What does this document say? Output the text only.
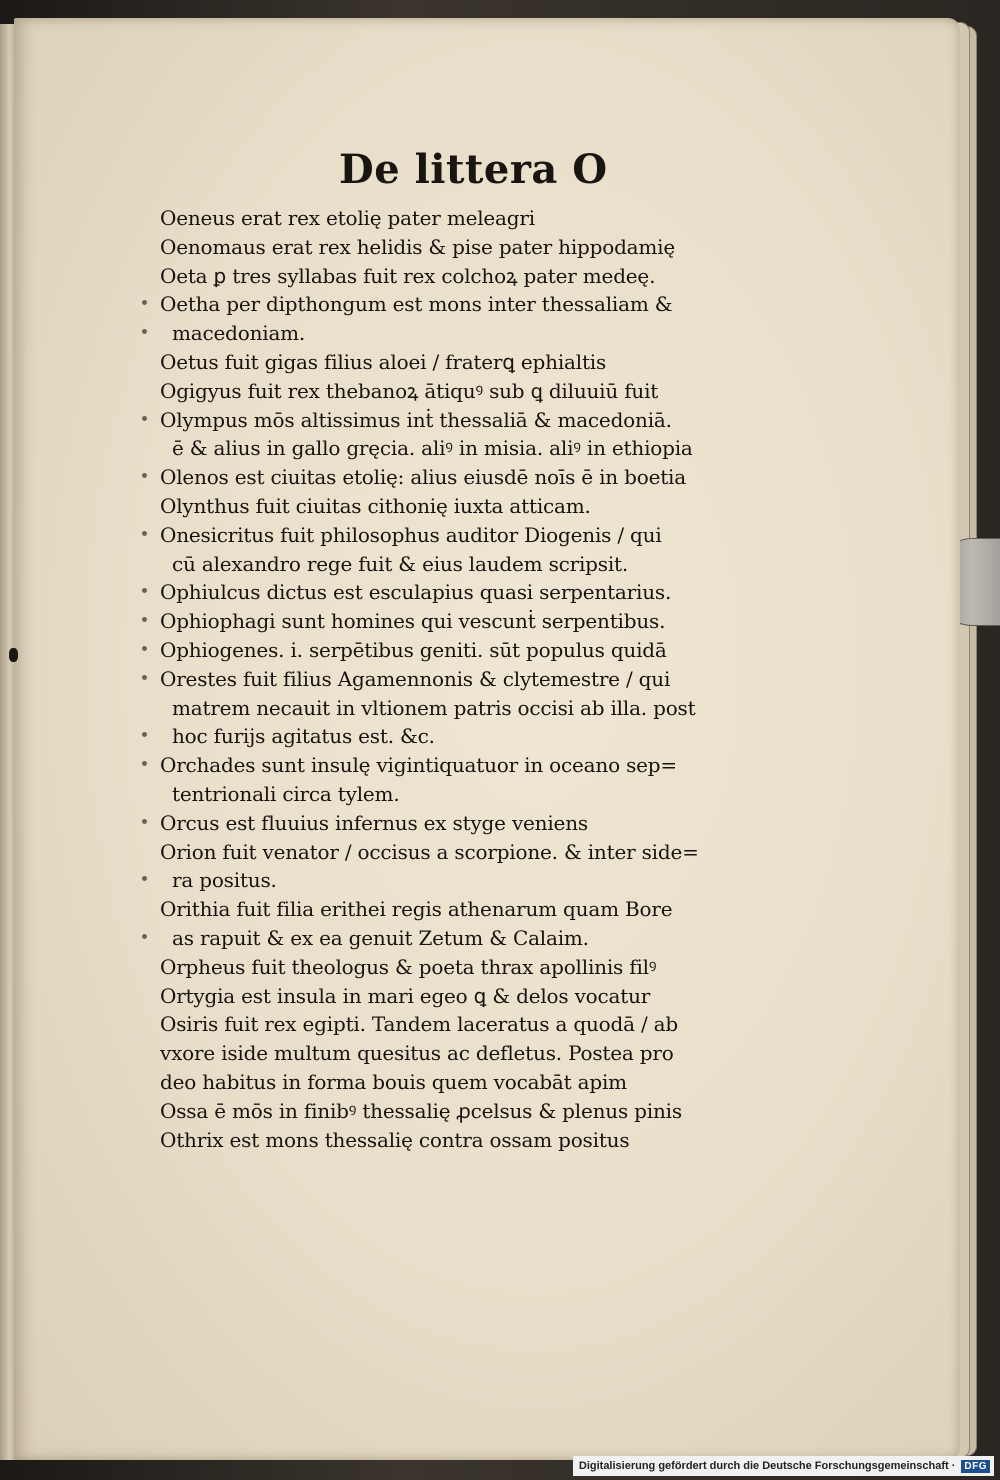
De littera O
Oeneus erat rex etolię pater meleagri
Oenomaus erat rex helidis & pise pater hippodamię
Oeta ꝑ tres syllabas fuit rex colchoꝝ pater medeę.
Oetha per dipthongum est mons inter thessaliam &
macedoniam.
Oetus fuit gigas filius aloei / fraterꝗ ephialtis
Ogigyus fuit rex thebanoꝝ ātiquꝰ sub ꝗ diluuiū fuit
Olympus mōs altissimus inṫ thessaliā & macedoniā.
ē & alius in gallo gręcia. aliꝰ in misia. aliꝰ in ethiopia
Olenos est ciuitas etolię: alius eiusdē noīs ē in boetia
Olynthus fuit ciuitas cithonię iuxta atticam.
Onesicritus fuit philosophus auditor Diogenis / qui
cū alexandro rege fuit & eius laudem scripsit.
Ophiulcus dictus est esculapius quasi serpentarius.
Ophiophagi sunt homines qui vescunṫ serpentibus.
Ophiogenes. i. serpētibus geniti. sūt populus quidā
Orestes fuit filius Agamennonis & clytemestre / qui
matrem necauit in vltionem patris occisi ab illa. post
hoc furijs agitatus est. &c.
Orchades sunt insulę vigintiquatuor in oceano sep=
tentrionali circa tylem.
Orcus est fluuius infernus ex styge veniens
Orion fuit venator / occisus a scorpione. & inter side=
ra positus.
Orithia fuit filia erithei regis athenarum quam Bore
as rapuit & ex ea genuit Zetum & Calaim.
Orpheus fuit theologus & poeta thrax apollinis filꝰ
Ortygia est insula in mari egeo ꝗ & delos vocatur
Osiris fuit rex egipti. Tandem laceratus a quodā / ab
vxore iside multum quesitus ac defletus. Postea pro
deo habitus in forma bouis quem vocabāt apim
Ossa ē mōs in finibꝰ thessalię ꝓcelsus & plenus pinis
Othrix est mons thessalię contra ossam positus
Digitalisierung gefördert durch die Deutsche Forschungsgemeinschaft · DFG
